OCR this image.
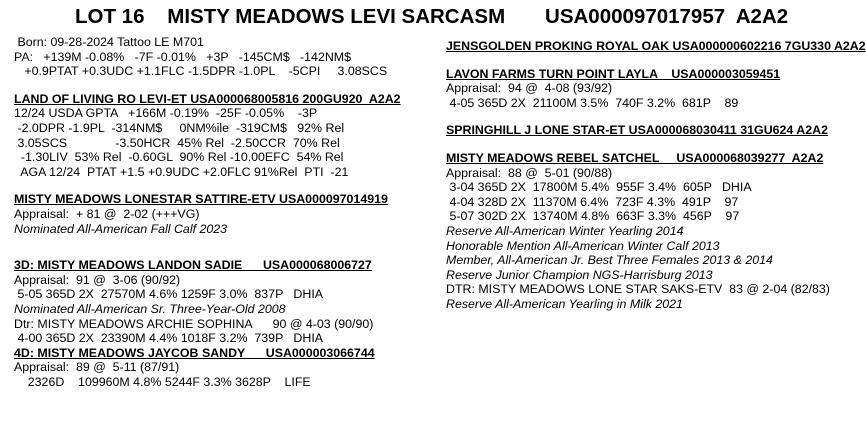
LOT 16    MISTY MEADOWS LEVI SARCASM       USA000097017957  A2A2
Born: 09-28-2024 Tattoo LE M701
PA:   +139M -0.08%   -7F -0.01%   +3P   -145CM$   -142NM$
+0.9PTAT +0.3UDC +1.1FLC -1.5DPR -1.0PL    -5CPI     3.08SCS
LAND OF LIVING RO LEVI-ET USA000068005816 200GU920  A2A2
12/24 USDA GPTA   +166M -0.19%  -25F -0.05%    -3P
-2.0DPR -1.9PL  -314NM$     0NM%ile  -319CM$   92% Rel
3.05SCS              -3.50HCR  45% Rel  -2.50CCR  70% Rel
-1.30LIV  53% Rel  -0.60GL  90% Rel -10.00EFC  54% Rel
AGA 12/24  PTAT +1.5 +0.9UDC +2.0FLC 91%Rel  PTI  -21
MISTY MEADOWS LONESTAR SATTIRE-ETV USA000097014919
Appraisal:  + 81 @  2-02 (+++VG)
Nominated All-American Fall Calf 2023
3D: MISTY MEADOWS LANDON SADIE      USA000068006727
Appraisal:  91 @  3-06 (90/92)
5-05 365D 2X  27570M 4.6% 1259F 3.0%  837P   DHIA
Nominated All-American Sr. Three-Year-Old 2008
Dtr: MISTY MEADOWS ARCHIE SOPHINA      90 @ 4-03 (90/90)
4-00 365D 2X  23390M 4.4% 1018F 3.2%  739P   DHIA
4D: MISTY MEADOWS JAYCOB SANDY      USA000003066744
Appraisal:  89 @  5-11 (87/91)
2326D    109960M 4.8% 5244F 3.3% 3628P    LIFE
JENSGOLDEN PROKING ROYAL OAK USA000000602216 7GU330 A2A2
LAVON FARMS TURN POINT LAYLA    USA000003059451
Appraisal:  94 @  4-08 (93/92)
4-05 365D 2X  21100M 3.5%  740F 3.2%  681P    89
SPRINGHILL J LONE STAR-ET USA000068030411 31GU624 A2A2
MISTY MEADOWS REBEL SATCHEL     USA000068039277  A2A2
Appraisal:  88 @  5-01 (90/88)
3-04 365D 2X  17800M 5.4%  955F 3.4%  605P   DHIA
4-04 328D 2X  11370M 6.4%  723F 4.3%  491P    97
5-07 302D 2X  13740M 4.8%  663F 3.3%  456P    97
Reserve All-American Winter Yearling 2014
Honorable Mention All-American Winter Calf 2013
Member, All-American Jr. Best Three Females 2013 & 2014
Reserve Junior Champion NGS-Harrisburg 2013
DTR: MISTY MEADOWS LONE STAR SAKS-ETV  83 @ 2-04 (82/83)
Reserve All-American Yearling in Milk 2021
